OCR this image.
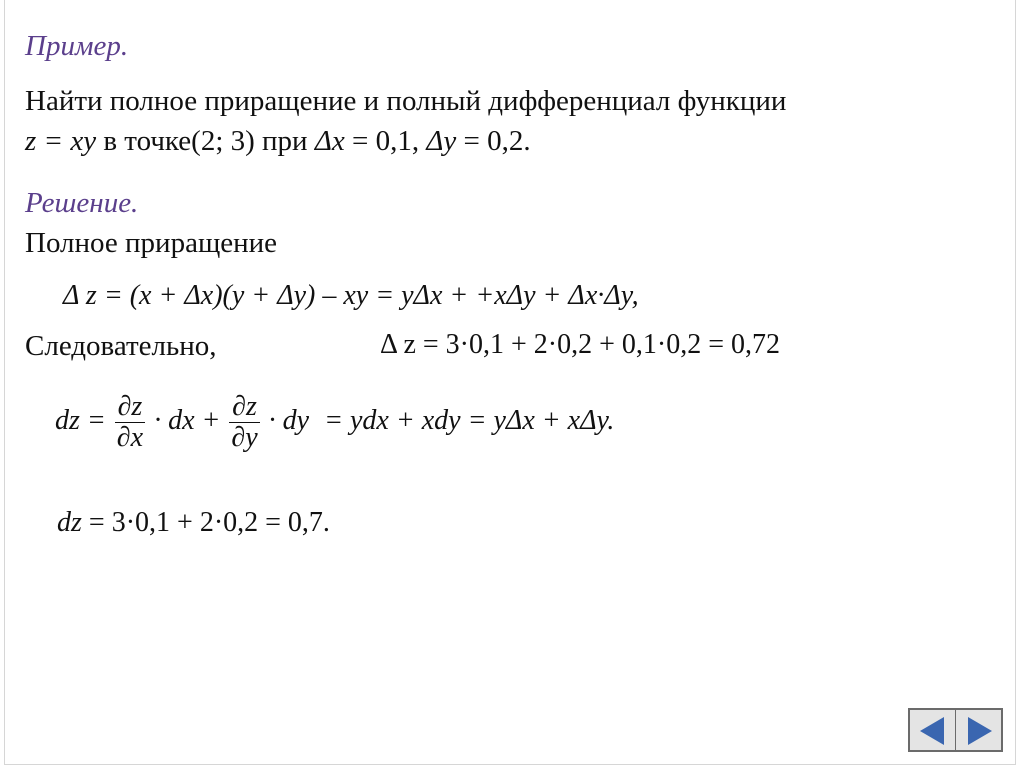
Пример.
Найти полное приращение и полный дифференциал функции
z = xy в точке(2; 3) при Δx = 0,1, Δy = 0,2.
Решение.
Полное приращение
Δ z = (x + Δx)(y + Δy) – xy = yΔx + +xΔy + Δx·Δy,
Следовательно,	Δ z = 3·0,1 + 2·0,2 + 0,1·0,2 = 0,72
dz = $\frac{\partial z}{\partial x}$ · dx + $\frac{\partial z}{\partial y}$ · dy = ydx + xdy = yΔx + xΔy.
dz = 3·0,1 + 2·0,2 = 0,7.
